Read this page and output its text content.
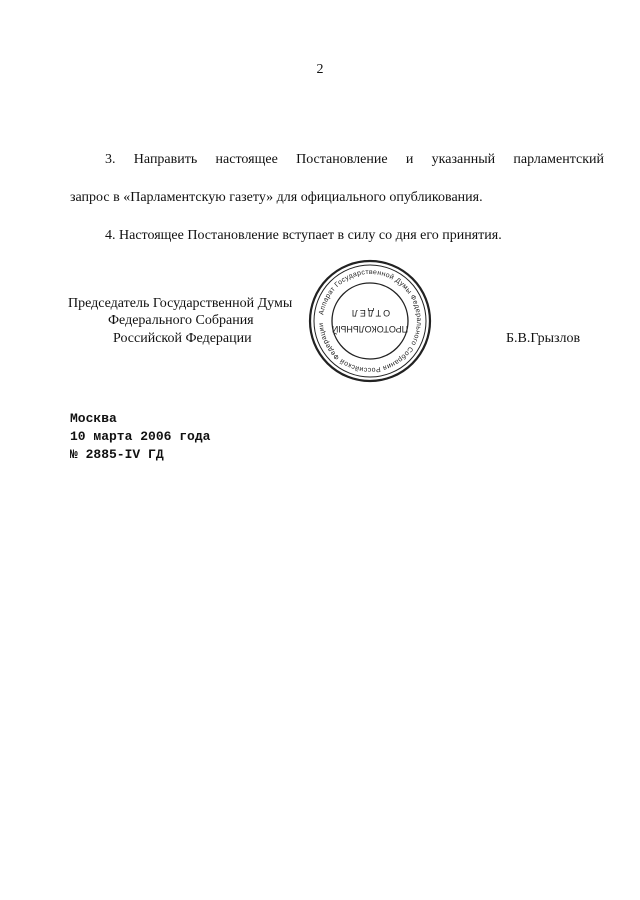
2
3. Направить настоящее Постановление и указанный парламентский
запрос в «Парламентскую газету» для официального опубликования.
4. Настоящее Постановление вступает в силу со дня его принятия.
Председатель Государственной Думы
Федерального Собрания
Российской Федерации
Аппарат Государственной Думы Федерального Собрания Российской Федерации ПРОТОКОЛЬНЫЙ
ОТДЕЛ
Б.В.Грызлов
Москва
10 марта 2006 года
№ 2885-IV ГД
